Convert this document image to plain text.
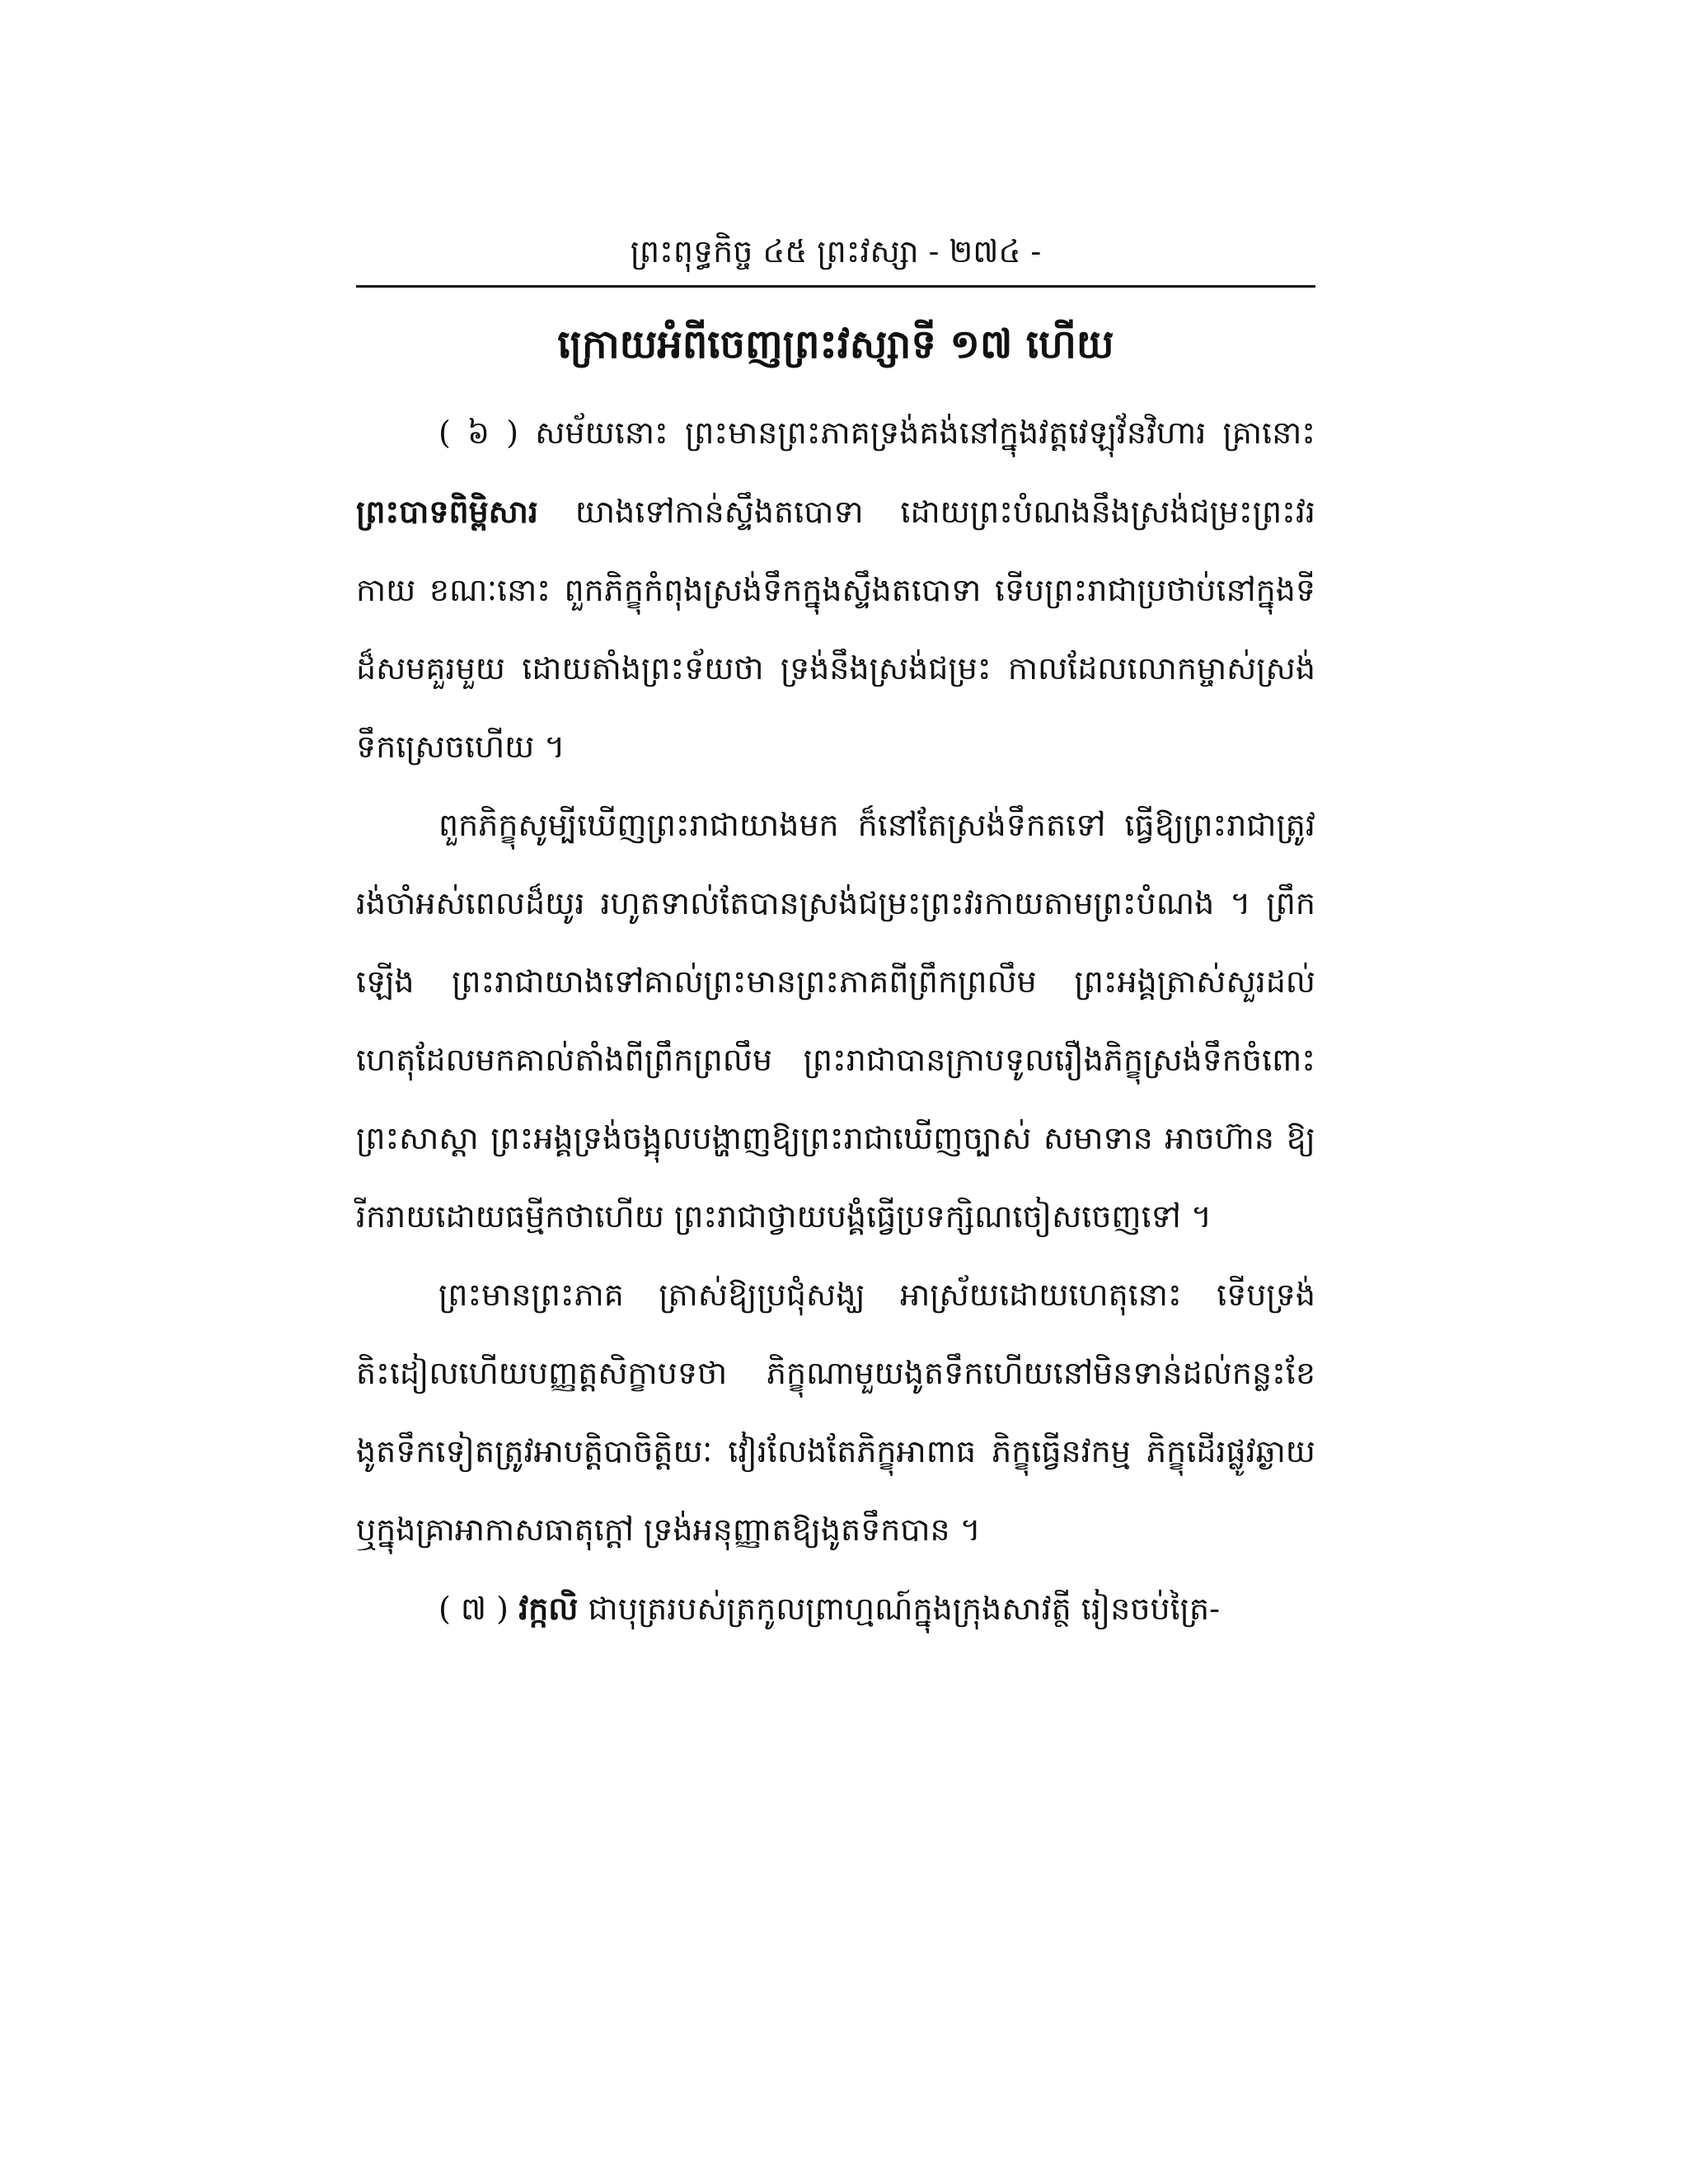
ព្រះពុទ្ធកិច្ច ៤៥ ព្រះវស្សា - ២៧៤ -
ក្រោយអំពីចេញព្រះវស្សាទី ១៧ ហើយ

( ៦ ) សម័យនោះ ព្រះមានព្រះភាគទ្រង់គង់នៅក្នុងវត្តវេឡុវ័នវិហារ គ្រានោះ ព្រះបាទពិម្ពិសារ យាងទៅកាន់ស្ទឹងតបោទា ដោយព្រះបំណងនឹងស្រង់ជម្រះព្រះវរកាយ ខណៈនោះ ពួកភិក្ខុកំពុងស្រង់ទឹកក្នុងស្ទឹងតបោទា ទើបព្រះរាជាប្រថាប់នៅក្នុងទីដ៏សមគួរមួយ ដោយតាំងព្រះទ័យថា ទ្រង់នឹងស្រង់ជម្រះ កាលដែលលោកម្ចាស់ស្រង់ទឹកស្រេចហើយ ។

ពួកភិក្ខុសូម្បីឃើញព្រះរាជាយាងមក ក៏នៅតែស្រង់ទឹកតទៅ ធ្វើឱ្យព្រះរាជាត្រូវរង់ចាំអស់ពេលដ៏យូរ រហូតទាល់តែបានស្រង់ជម្រះព្រះវរកាយតាមព្រះបំណង ។ ព្រឹកឡើង ព្រះរាជាយាងទៅគាល់ព្រះមានព្រះភាគពីព្រឹកព្រលឹម ព្រះអង្គត្រាស់សួរដល់ហេតុដែលមកគាល់តាំងពីព្រឹកព្រលឹម ព្រះរាជាបានក្រាបទូលរឿងភិក្ខុស្រង់ទឹកចំពោះព្រះសាស្តា ព្រះអង្គទ្រង់ចង្អុលបង្ហាញឱ្យព្រះរាជាឃើញច្បាស់ សមាទាន អាចហ៊ាន ឱ្យរីករាយដោយធម្មីកថាហើយ ព្រះរាជាថ្វាយបង្គំធ្វើប្រទក្សិណចៀសចេញទៅ ។

ព្រះមានព្រះភាគ ត្រាស់ឱ្យប្រជុំសង្ឃ អាស្រ័យដោយហេតុនោះ ទើបទ្រង់តិះដៀលហើយបញ្ញត្តសិក្ខាបទថា ភិក្ខុណាមួយងូតទឹកហើយនៅមិនទាន់ដល់កន្លះខែ ងូតទឹកទៀតត្រូវអាបត្តិបាចិត្តិយៈ វៀរលែងតែភិក្ខុអាពាធ ភិក្ខុធ្វើនវកម្ម ភិក្ខុដើរផ្លូវឆ្ងាយ ឬក្នុងគ្រាអាកាសធាតុក្តៅ ទ្រង់អនុញ្ញាតឱ្យងូតទឹកបាន ។

( ៧ ) វក្កលិ ជាបុត្ររបស់ត្រកូលព្រាហ្មណ៍ក្នុងក្រុងសាវត្ថី រៀនចប់ត្រៃ-
